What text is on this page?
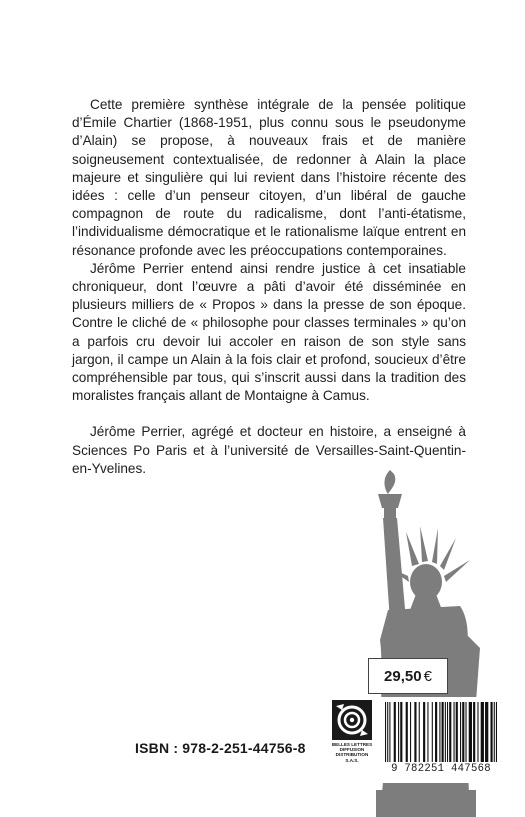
Cette première synthèse intégrale de la pensée politique d’Émile Chartier (1868-1951, plus connu sous le pseudonyme d’Alain) se propose, à nouveaux frais et de manière soigneusement contextualisée, de redonner à Alain la place majeure et singulière qui lui revient dans l’histoire récente des idées : celle d’un penseur citoyen, d’un libéral de gauche compagnon de route du radicalisme, dont l’anti-étatisme, l’individualisme démocratique et le rationalisme laïque entrent en résonance profonde avec les préoccupations contemporaines.

Jérôme Perrier entend ainsi rendre justice à cet insatiable chroniqueur, dont l’œuvre a pâti d’avoir été disséminée en plusieurs milliers de « Propos » dans la presse de son époque. Contre le cliché de « philosophe pour classes terminales » qu’on a parfois cru devoir lui accoler en raison de son style sans jargon, il campe un Alain à la fois clair et profond, soucieux d’être compréhensible par tous, qui s’inscrit aussi dans la tradition des moralistes français allant de Montaigne à Camus.

Jérôme Perrier, agrégé et docteur en histoire, a enseigné à Sciences Po Paris et à l’université de Versailles-Saint-Quentin-en-Yvelines.

29,50 €
ISBN : 978-2-251-44756-8	BELLES LETTRES
DIFFUSION
DISTRIBUTION
S.A.S.
9 782251 447568
